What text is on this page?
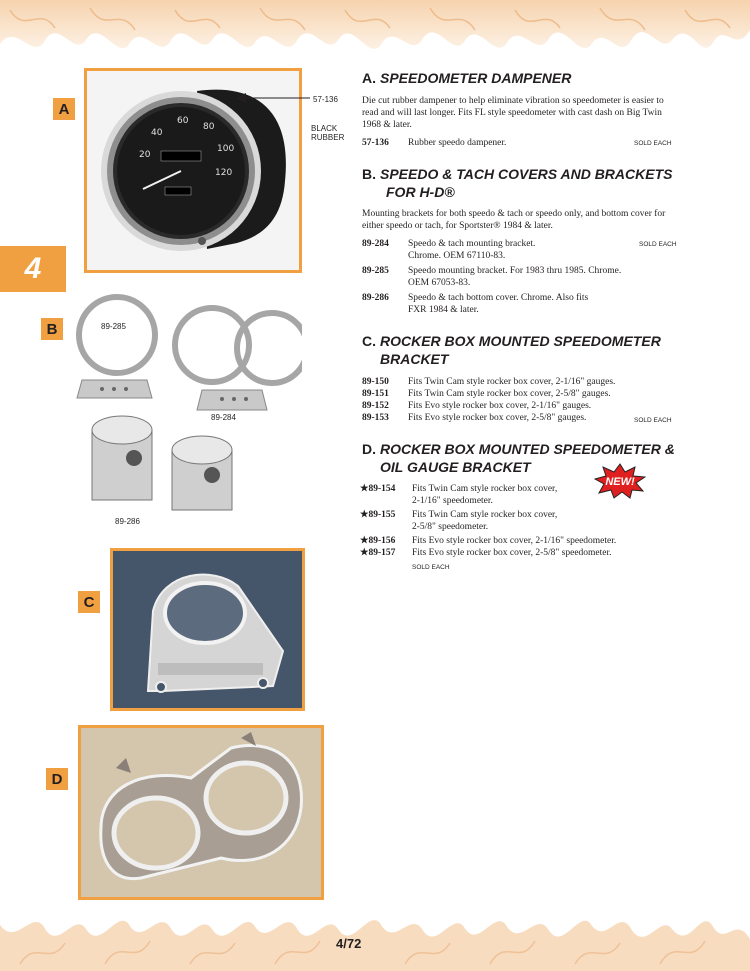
4
A
20
40
60
80
100
120
57-136
BLACK
RUBBER
B	89-285
89-284
89-286
C
D
A. SPEEDOMETER DAMPENER
Die cut rubber dampener to help eliminate vibration so speedometer is easier to read and will last longer. Fits FL style speedometer with cast dash on Big Twin 1968 & later.
57-136 Rubber speedo dampener.	SOLD EACH
B. SPEEDO & TACH COVERS AND BRACKETS
FOR H-D®
Mounting brackets for both speedo & tach or speedo only, and bottom cover for either speedo or tach, for Sportster® 1984 & later.
89-284 Speedo & tach mounting bracket.
Chrome. OEM 67110-83.
SOLD EACH
89-285 Speedo mounting bracket. For 1983 thru 1985. Chrome.
OEM 67053-83.
89-286 Speedo & tach bottom cover. Chrome. Also fits
FXR 1984 & later.
C. ROCKER BOX MOUNTED SPEEDOMETER
BRACKET
89-150 Fits Twin Cam style rocker box cover, 2-1/16" gauges.
89-151 Fits Twin Cam style rocker box cover, 2-5/8" gauges.
89-152 Fits Evo style rocker box cover, 2-1/16" gauges.
89-153 Fits Evo style rocker box cover, 2-5/8" gauges.	SOLD EACH
D. ROCKER BOX MOUNTED SPEEDOMETER &
OIL GAUGE BRACKET
NEW!
★89-154 Fits Twin Cam style rocker box cover,
2-1/16" speedometer.
★89-155 Fits Twin Cam style rocker box cover,
2-5/8" speedometer.
★89-156 Fits Evo style rocker box cover, 2-1/16" speedometer.
★89-157 Fits Evo style rocker box cover, 2-5/8" speedometer.
SOLD EACH
4/72
